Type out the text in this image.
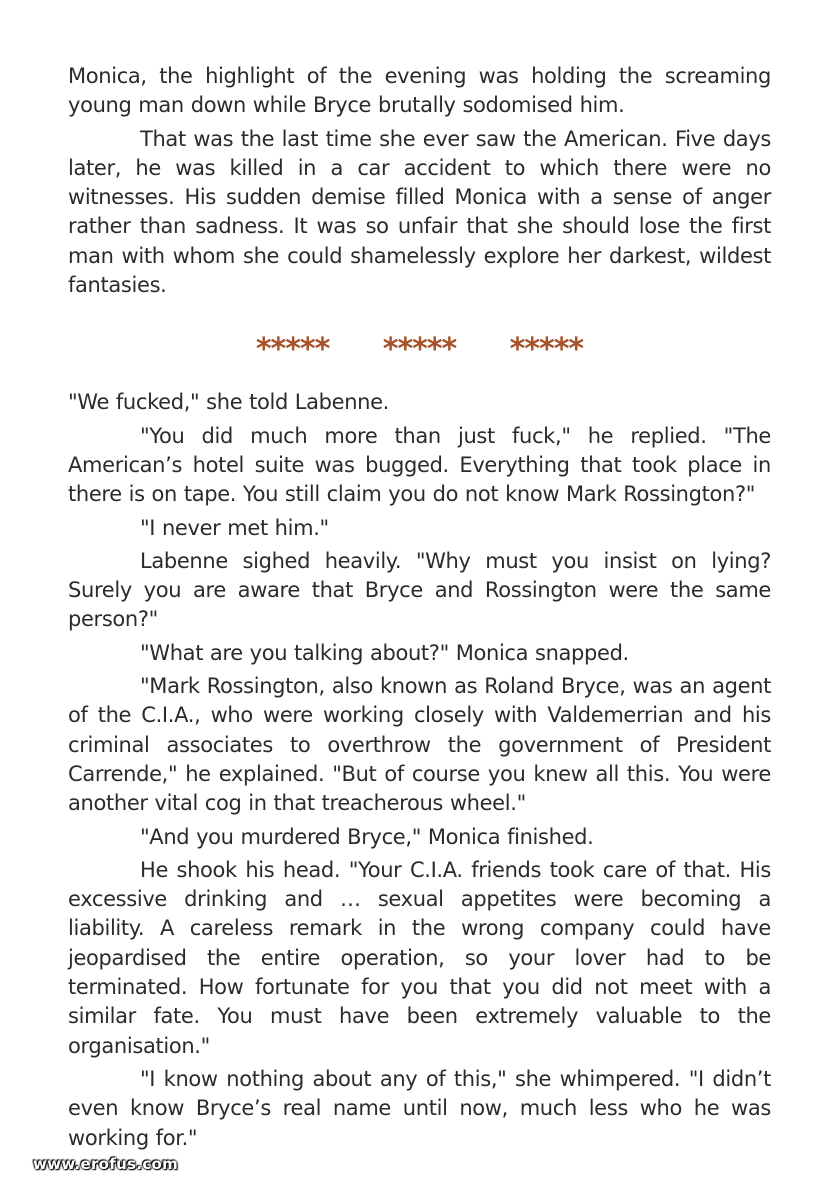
Monica, the highlight of the evening was holding the screaming young man down while Bryce brutally sodomised him.

That was the last time she ever saw the American. Five days later, he was killed in a car accident to which there were no witnesses. His sudden demise filled Monica with a sense of anger rather than sadness. It was so unfair that she should lose the first man with whom she could shamelessly explore her darkest, wildest fantasies.

***** ***** *****

"We fucked," she told Labenne.

"You did much more than just fuck," he replied. "The American’s hotel suite was bugged. Everything that took place in there is on tape. You still claim you do not know Mark Rossington?"

"I never met him."

Labenne sighed heavily. "Why must you insist on lying? Surely you are aware that Bryce and Rossington were the same person?"

"What are you talking about?" Monica snapped.

"Mark Rossington, also known as Roland Bryce, was an agent of the C.I.A., who were working closely with Valdemerrian and his criminal associates to overthrow the government of President Carrende," he explained. "But of course you knew all this. You were another vital cog in that treacherous wheel."

"And you murdered Bryce," Monica finished.

He shook his head. "Your C.I.A. friends took care of that. His excessive drinking and … sexual appetites were becoming a liability. A careless remark in the wrong company could have jeopardised the entire operation, so your lover had to be terminated. How fortunate for you that you did not meet with a similar fate. You must have been extremely valuable to the organisation."

"I know nothing about any of this," she whimpered. "I didn’t even know Bryce’s real name until now, much less who he was working for."

www.erofus.com
